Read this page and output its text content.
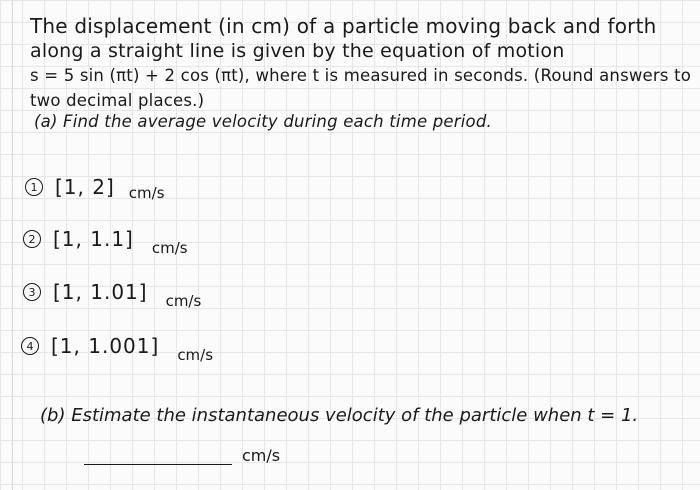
The displacement (in cm) of a particle moving back and forth
along a straight line is given by the equation of motion
s = 5 sin (πt) + 2 cos (πt), where t is measured in seconds. (Round answers to
two decimal places.)
(a) Find the average velocity during each time period.
1 [1, 2] cm/s
2 [1, 1.1] cm/s
3 [1, 1.01] cm/s
4 [1, 1.001] cm/s
(b) Estimate the instantaneous velocity of the particle when t = 1.
cm/s
